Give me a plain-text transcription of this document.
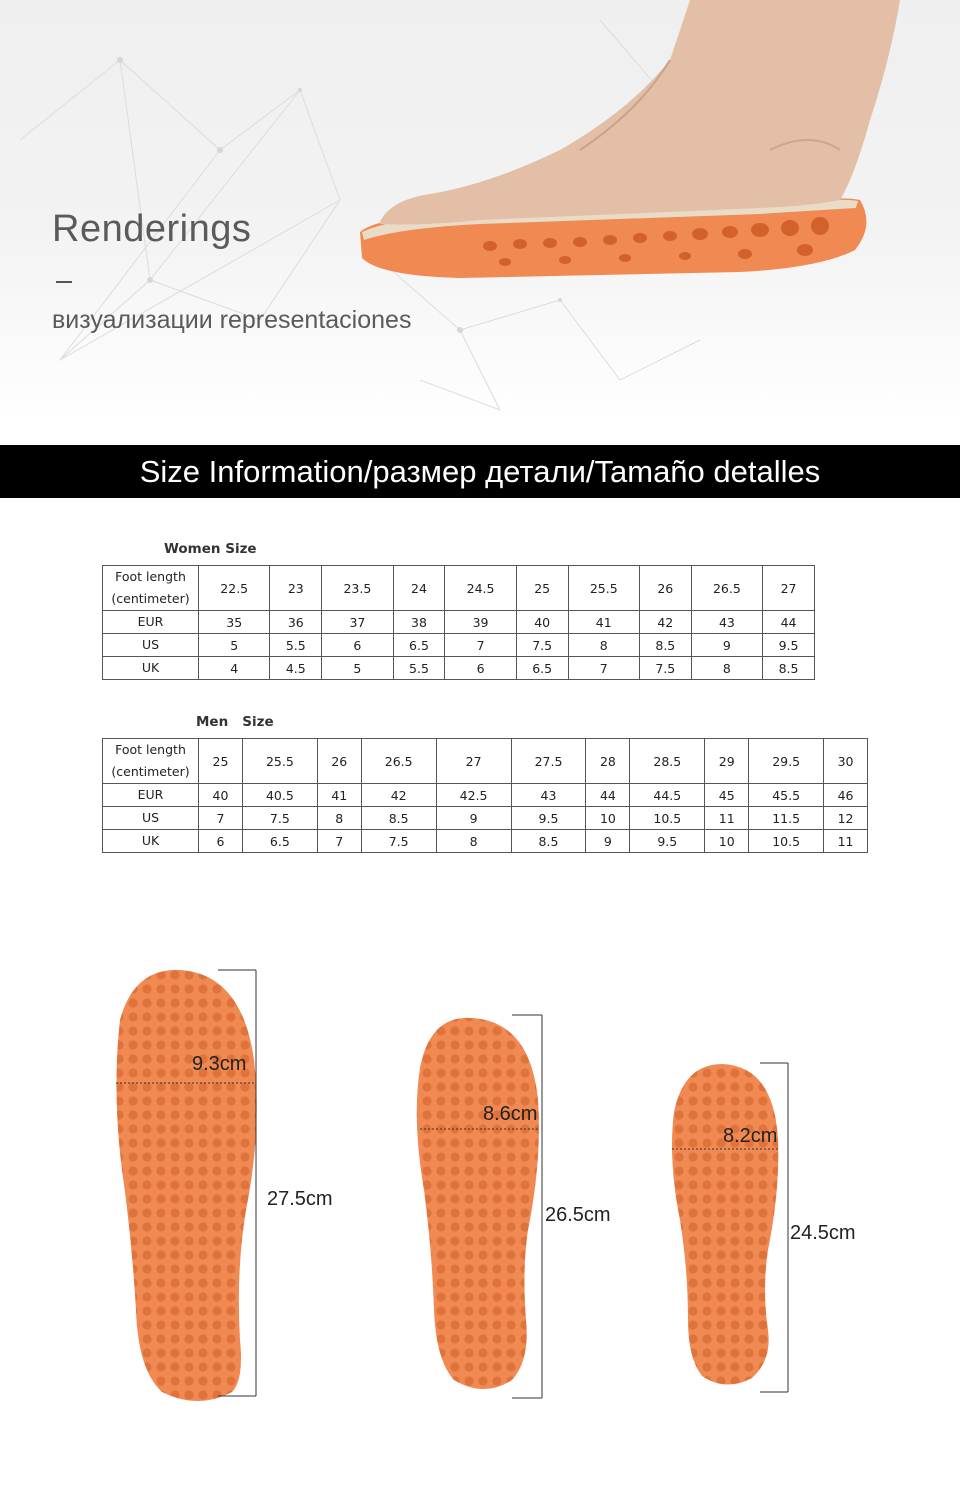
Renderings
визуализации representaciones
Size Information/размер детали/Tamaño detalles
Women Size
Foot length
(centimeter)	22.5	23	23.5	24	24.5	25	25.5	26	26.5	27
EUR	35	36	37	38	39	40	41	42	43	44
US	5	5.5	6	6.5	7	7.5	8	8.5	9	9.5
UK	4	4.5	5	5.5	6	6.5	7	7.5	8	8.5
Men   Size
Foot length
(centimeter)	25	25.5	26	26.5	27	27.5	28	28.5	29	29.5	30
EUR	40	40.5	41	42	42.5	43	44	44.5	45	45.5	46
US	7	7.5	8	8.5	9	9.5	10	10.5	11	11.5	12
UK	6	6.5	7	7.5	8	8.5	9	9.5	10	10.5	11
9.3cm
27.5cm
8.6cm
26.5cm
8.2cm
24.5cm
